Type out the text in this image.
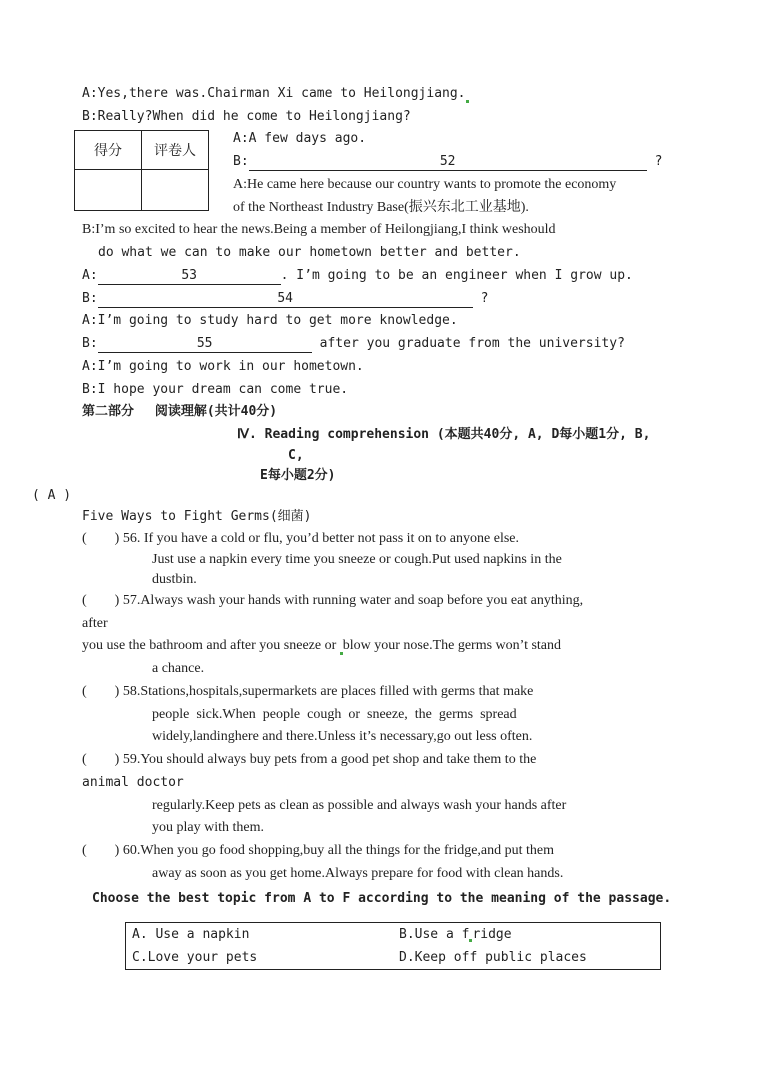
A:Yes,there was.Chairman Xi came to Heilongjiang.
B:Really?When did he come to Heilongjiang?
得分	评卷人

A:A few days ago.
B:	52	?
A:He came here because our country wants to promote the economy
of the Northeast Industry Base(振兴东北工业基地).
B:I’m so excited to hear the news.Being a member of Heilongjiang,I think weshould
do what we can to make our hometown better and better.
A:	53	. I’m going to be an engineer when I grow up.
B:	54	?
A:I’m going to study hard to get more knowledge.
B:	55	after you graduate from the university?
A:I’m going to work in our hometown.
B:I hope your dream can come true.
第二部分　 阅读理解(共计40分)
Ⅳ. Reading comprehension (本题共40分, A, D每小题1分, B,
C,
E每小题2分)
( A )
Five Ways to Fight Germs(细菌)
(　　) 56. If you have a cold or flu, you’d better not pass it on to anyone else.
Just use a napkin every time you sneeze or cough.Put used napkins in the
dustbin.
(　　) 57.Always wash your hands with running water and soap before you eat anything,
after
you use the bathroom and after you sneeze or blow your nose.The germs won’t stand
a chance.
(　　) 58.Stations,hospitals,supermarkets are places filled with germs that make
people  sick.When  people  cough  or  sneeze,  the  germs  spread
widely,landinghere and there.Unless it’s necessary,go out less often.
(　　) 59.You should always buy pets from a good pet shop and take them to the
animal doctor
regularly.Keep pets as clean as possible and always wash your hands after
you play with them.
(　　) 60.When you go food shopping,buy all the things for the fridge,and put them
away as soon as you get home.Always prepare for food with clean hands.
Choose the best topic from A to F according to the meaning of the passage.
A. Use a napkin	B.Use a f ridge
C.Love your pets	D.Keep off public places
